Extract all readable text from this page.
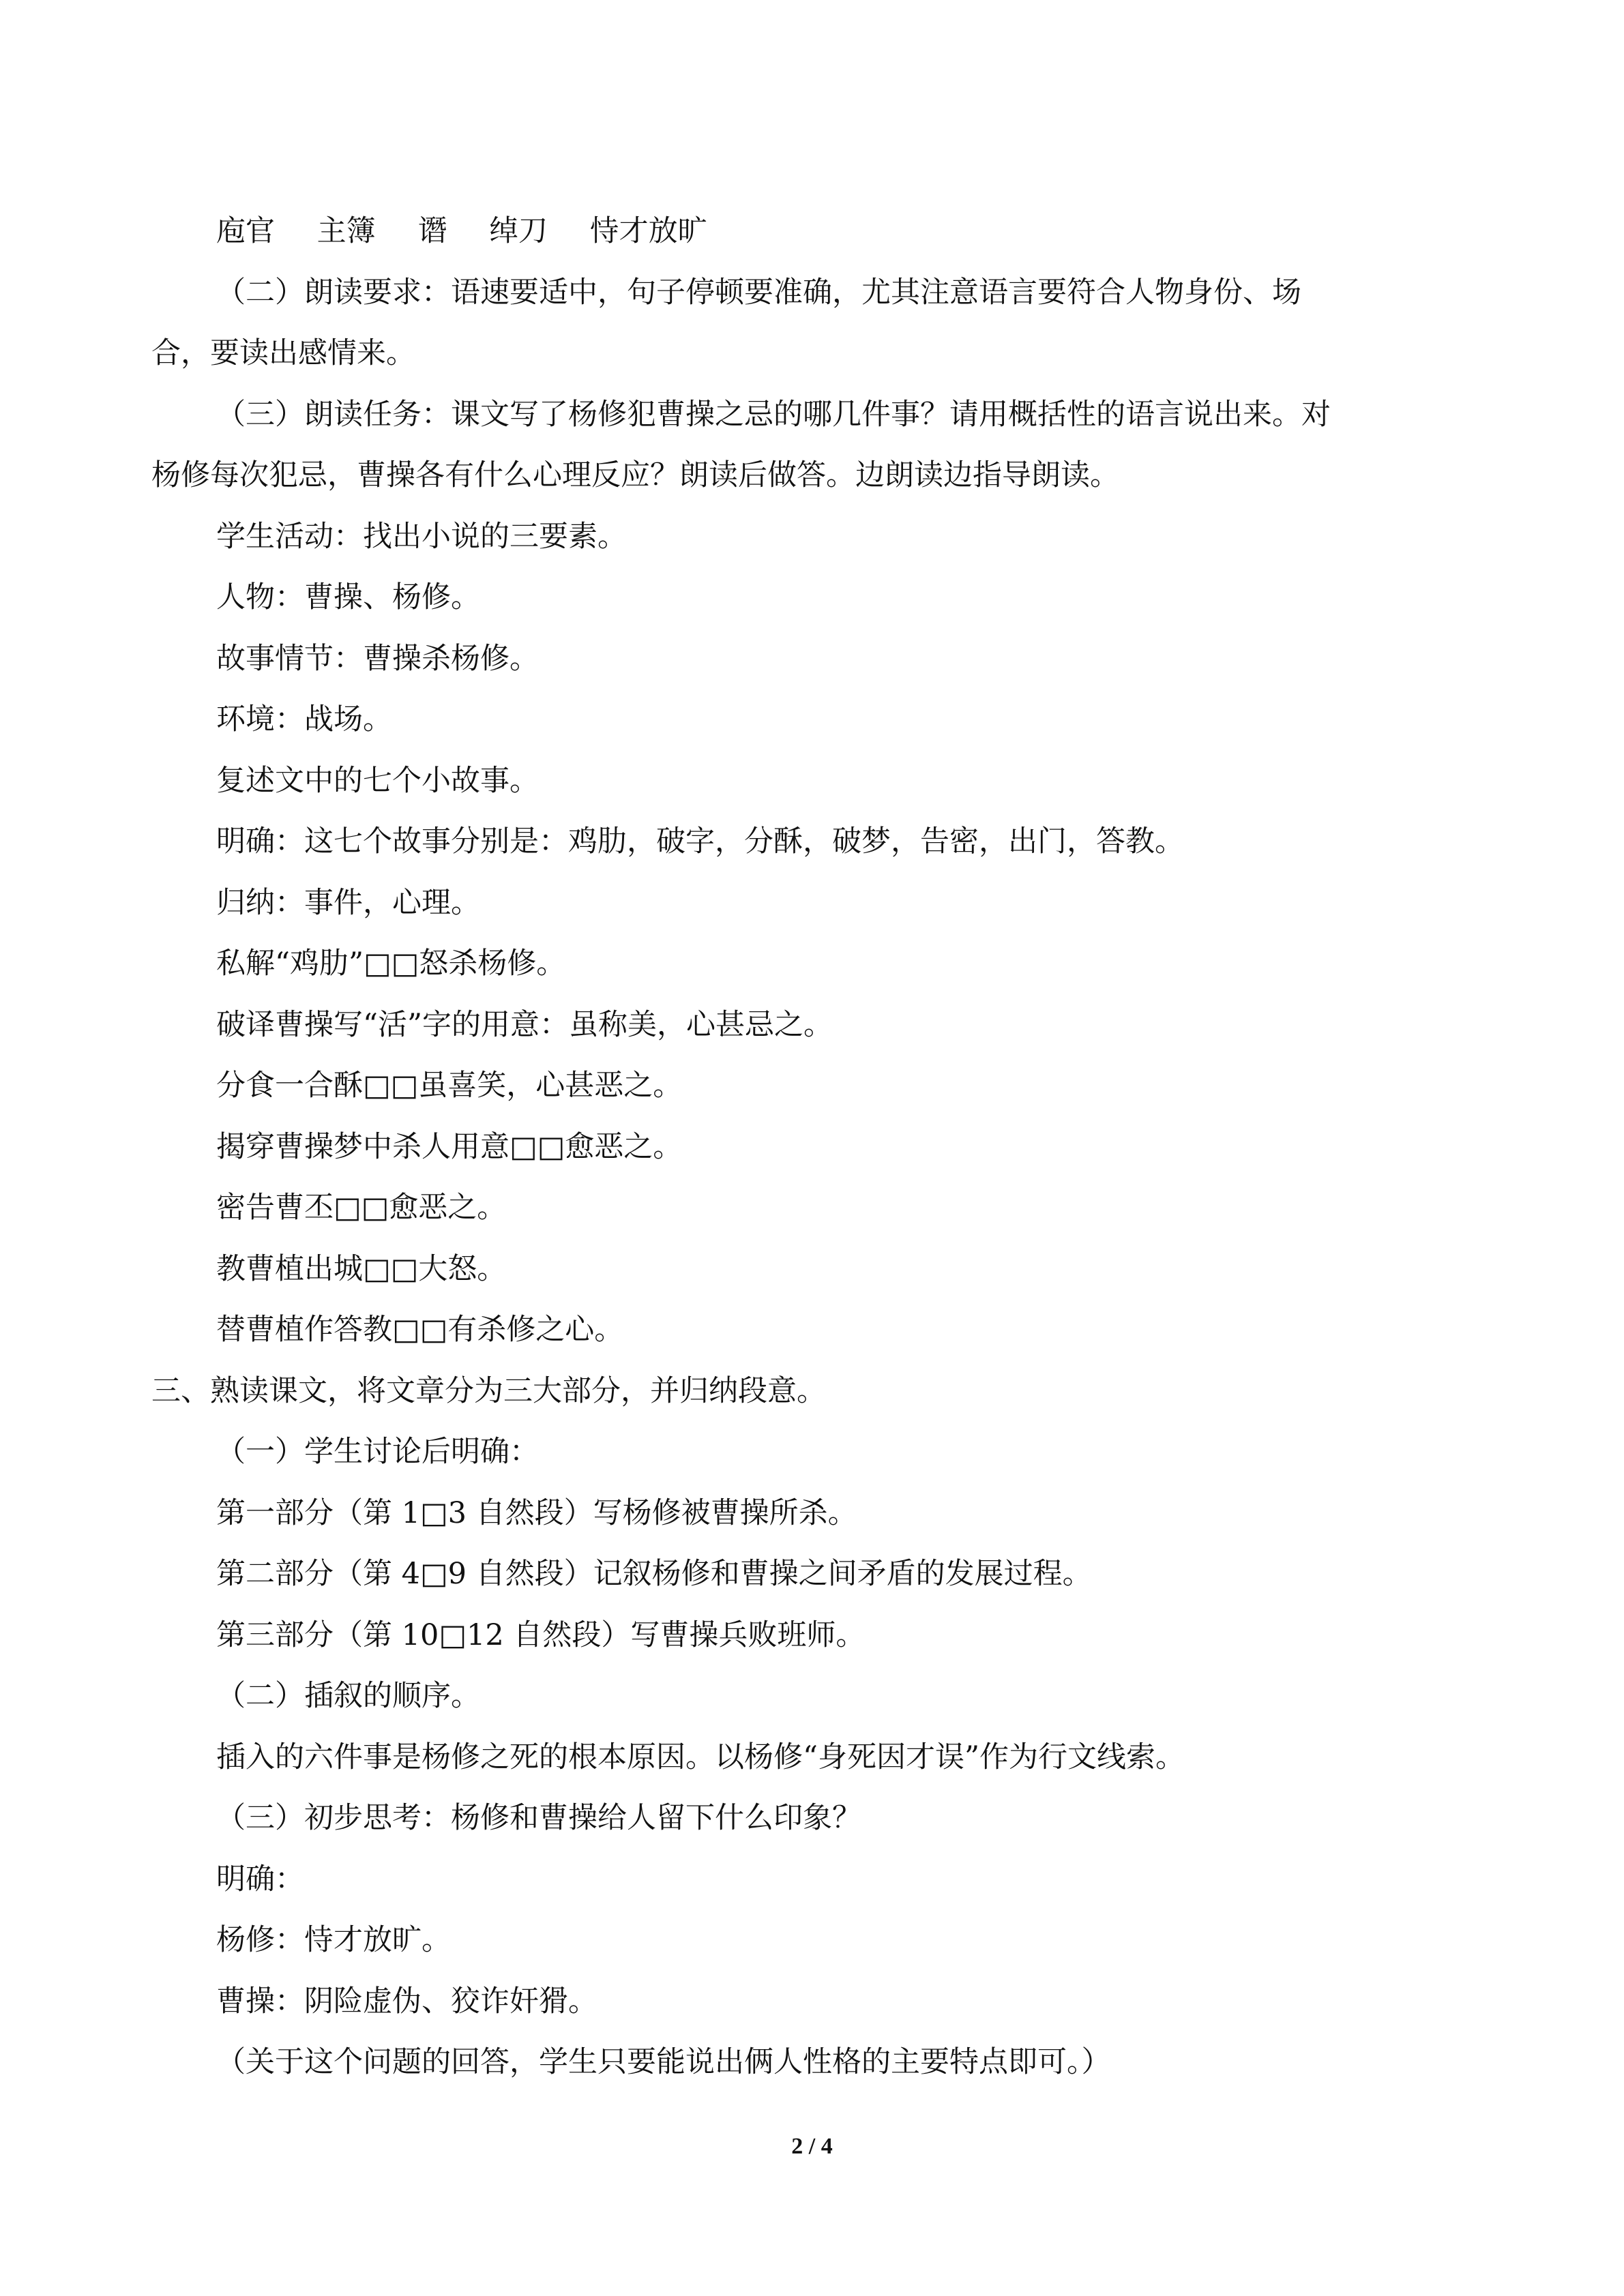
庖官 主簿 谮 绰刀 恃才放旷
（二）朗读要求：语速要适中，句子停顿要准确，尤其注意语言要符合人物身份、场
合，要读出感情来。
（三）朗读任务：课文写了杨修犯曹操之忌的哪几件事？请用概括性的语言说出来。对
杨修每次犯忌，曹操各有什么心理反应？朗读后做答。边朗读边指导朗读。
学生活动：找出小说的三要素。
人物：曹操、杨修。
故事情节：曹操杀杨修。
环境：战场。
复述文中的七个小故事。
明确：这七个故事分别是：鸡肋，破字，分酥，破梦，告密，出门，答教。
归纳：事件，心理。
私解“鸡肋”□□怒杀杨修。
破译曹操写“活”字的用意：虽称美，心甚忌之。
分食一合酥□□虽喜笑，心甚恶之。
揭穿曹操梦中杀人用意□□愈恶之。
密告曹丕□□愈恶之。
教曹植出城□□大怒。
替曹植作答教□□有杀修之心。
三、熟读课文，将文章分为三大部分，并归纳段意。
（一）学生讨论后明确：
第一部分（第 1□3 自然段）写杨修被曹操所杀。
第二部分（第 4□9 自然段）记叙杨修和曹操之间矛盾的发展过程。
第三部分（第 10□12 自然段）写曹操兵败班师。
（二）插叙的顺序。
插入的六件事是杨修之死的根本原因。以杨修“身死因才误”作为行文线索。
（三）初步思考：杨修和曹操给人留下什么印象？
明确：
杨修：恃才放旷。
曹操：阴险虚伪、狡诈奸猾。
（关于这个问题的回答，学生只要能说出俩人性格的主要特点即可。）
2 / 4
